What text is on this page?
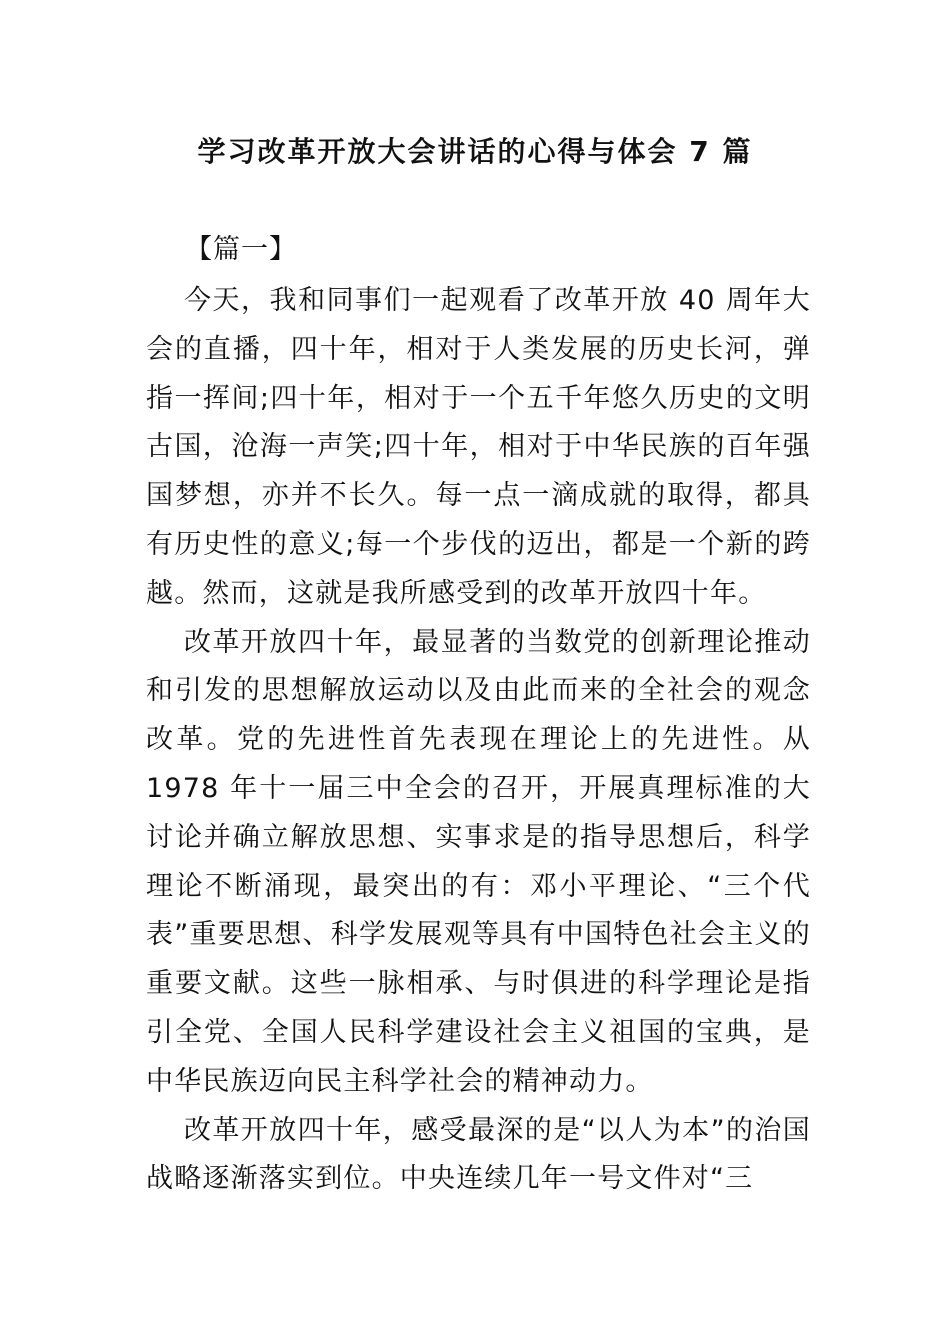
学习改革开放大会讲话的心得与体会 7 篇
【篇一】

今天，我和同事们一起观看了改革开放 40 周年大会的直播，四十年，相对于人类发展的历史长河，弹指一挥间;四十年，相对于一个五千年悠久历史的文明古国，沧海一声笑;四十年，相对于中华民族的百年强国梦想，亦并不长久。每一点一滴成就的取得，都具有历史性的意义;每一个步伐的迈出，都是一个新的跨越。然而，这就是我所感受到的改革开放四十年。

改革开放四十年，最显著的当数党的创新理论推动和引发的思想解放运动以及由此而来的全社会的观念改革。党的先进性首先表现在理论上的先进性。从 1978 年十一届三中全会的召开，开展真理标准的大讨论并确立解放思想、实事求是的指导思想后，科学理论不断涌现，最突出的有：邓小平理论、“三个代表”重要思想、科学发展观等具有中国特色社会主义的重要文献。这些一脉相承、与时俱进的科学理论是指引全党、全国人民科学建设社会主义祖国的宝典，是中华民族迈向民主科学社会的精神动力。

改革开放四十年，感受最深的是“以人为本”的治国战略逐渐落实到位。中央连续几年一号文件对“三
